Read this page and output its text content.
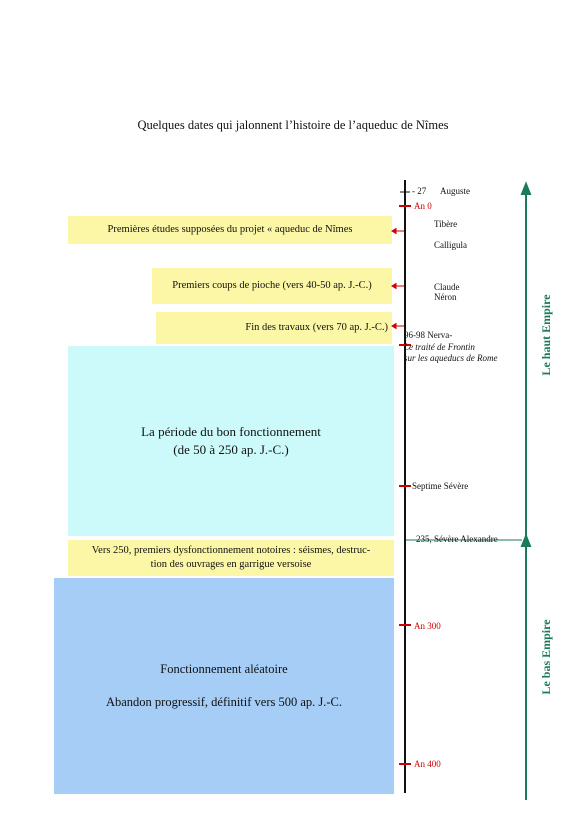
Quelques dates qui jalonnent l’histoire de l’aqueduc de Nîmes
Premières études supposées du projet « aqueduc de Nîmes
Premiers coups de pioche (vers 40-50 ap. J.-C.)
Fin des travaux (vers 70 ap. J.-C.)
La période du bon fonctionnement
(de 50 à 250 ap. J.-C.)
Vers 250, premiers dysfonctionnement notoires : séismes, destruc-
tion des ouvrages en garrigue versoise
Fonctionnement aléatoire
Abandon progressif, définitif vers 500 ap. J.-C.
- 27 Auguste
An 0
Tibère
Calligula
Claude
Néron
96-98 Nerva-
Le traité de Frontin
sur les aqueducs de Rome
Septime Sévère
235, Sévère Alexandre
An 300
An 400
Le haut Empire
Le bas Empire
